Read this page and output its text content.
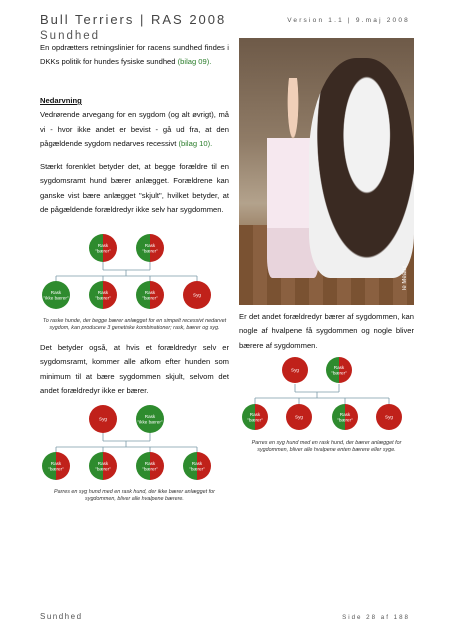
Bull Terriers | RAS 2008
Sundhed
Version 1.1 | 9.maj 2008
En opdrætters retningslinier for racens sundhed findes i DKKs politik for hundes fysiske sundhed (bilag 09).
Nedarvning
Vedrørende arvegang for en sygdom (og alt øvrigt), må vi - hvor ikke andet er bevist - gå ud fra, at den pågældende sygdom nedarves recessivt (bilag 10).
Stærkt forenklet betyder det, at begge forældre til en sygdomsramt hund bærer anlægget. Forældrene kan ganske vist bære anlægget "skjult", hvilket betyder, at de pågældende forældredyr ikke selv har sygdommen.
Rask
"bærer"
Rask
"bærer"
Rask
"ikke bærer"
Rask
"bærer"
Rask
"bærer"
Syg
To raske hunde, der begge bærer anlægget for en simpelt recessivt nedarvet sygdom, kan producere 3 genetiske kombinationer; rask, bærer og syg.
Det betyder også, at hvis et forældredyr selv er sygdomsramt, kommer alle afkom efter hunden som minimum til at bære sygdommen skjult, selvom det andet forældredyr ikke er bærer.
Syg
Rask
"ikke bærer"
Rask
"bærer"
Rask
"bærer"
Rask
"bærer"
Rask
"bærer"
Parres en syg hund med en rask hund, der ikke bærer anlægget for sygdommen, bliver alle hvalpene bærere.
le Meaux
Er det andet forældredyr bærer af sygdommen, kan nogle af hvalpene få sygdommen og nogle bliver bærere af sygdommen.
Syg
Rask
"bærer"
Rask
"bærer"
Syg
Rask
"bærer"
Syg
Parres en syg hund med en rask hund, der bærer anlægget for sygdommen, bliver alle hvalpene enten bærere eller syge.
Sundhed	Side 28 af 188
